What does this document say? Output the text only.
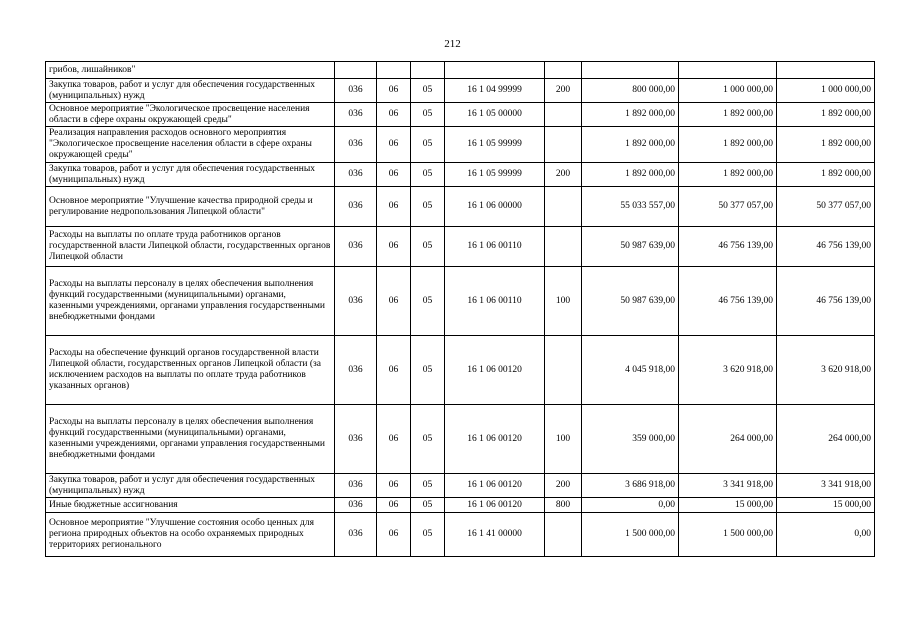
212
грибов, лишайников"								
Закупка товаров, работ и услуг для обеспечения государственных (муниципальных) нужд	036	06	05	16 1 04 99999	200	800 000,00	1 000 000,00	1 000 000,00
Основное мероприятие "Экологическое просвещение населения области в сфере охраны окружающей среды"	036	06	05	16 1 05 00000		1 892 000,00	1 892 000,00	1 892 000,00
Реализация направления расходов основного мероприятия "Экологическое просвещение населения области в сфере охраны окружающей среды"	036	06	05	16 1 05 99999		1 892 000,00	1 892 000,00	1 892 000,00
Закупка товаров, работ и услуг для обеспечения государственных (муниципальных) нужд	036	06	05	16 1 05 99999	200	1 892 000,00	1 892 000,00	1 892 000,00
Основное мероприятие "Улучшение качества природной среды и регулирование недропользования Липецкой области"	036	06	05	16 1 06 00000		55 033 557,00	50 377 057,00	50 377 057,00
Расходы на выплаты по оплате труда работников органов государственной власти Липецкой области, государственных органов Липецкой области	036	06	05	16 1 06 00110		50 987 639,00	46 756 139,00	46 756 139,00
Расходы на выплаты персоналу в целях обеспечения выполнения функций государственными (муниципальными) органами, казенными учреждениями, органами управления государственными внебюджетными фондами	036	06	05	16 1 06 00110	100	50 987 639,00	46 756 139,00	46 756 139,00
Расходы на обеспечение функций органов государственной власти Липецкой области, государственных органов Липецкой области (за исключением расходов на выплаты по оплате труда работников указанных органов)	036	06	05	16 1 06 00120		4 045 918,00	3 620 918,00	3 620 918,00
Расходы на выплаты персоналу в целях обеспечения выполнения функций государственными (муниципальными) органами, казенными учреждениями, органами управления государственными внебюджетными фондами	036	06	05	16 1 06 00120	100	359 000,00	264 000,00	264 000,00
Закупка товаров, работ и услуг для обеспечения государственных (муниципальных) нужд	036	06	05	16 1 06 00120	200	3 686 918,00	3 341 918,00	3 341 918,00
Иные бюджетные ассигнования	036	06	05	16 1 06 00120	800	0,00	15 000,00	15 000,00
Основное мероприятие "Улучшение состояния особо ценных для региона природных объектов на особо охраняемых природных территориях регионального	036	06	05	16 1 41 00000		1 500 000,00	1 500 000,00	0,00
